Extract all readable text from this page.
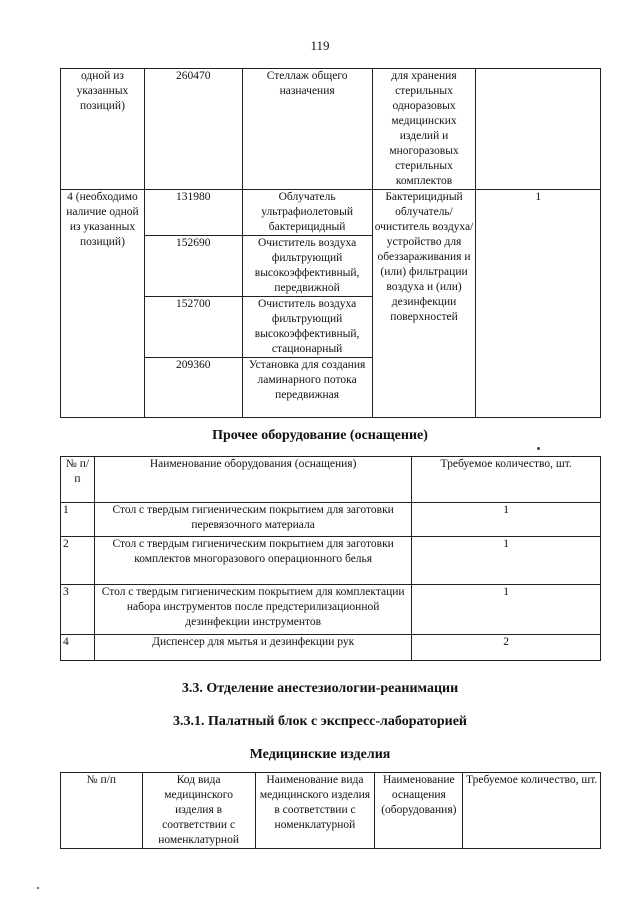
119
одной из указанных позиций)	260470	Стеллаж общего назначения	для хранения стерильных одноразовых медицинских изделий и многоразовых стерильных комплектов	
4 (необходимо наличие одной из указанных позиций)	131980	Облучатель ультрафиолетовый бактерицидный	Бактерицидный облучатель/ очиститель воздуха/ устройство для обеззараживания и (или) фильтрации воздуха и (или) дезинфекции поверхностей	1
	152690	Очиститель воздуха фильтрующий высокоэффективный, передвижной		
	152700	Очиститель воздуха фильтрующий высокоэффективный, стационарный		
	209360	Установка для создания ламинарного потока передвижная		
Прочее оборудование (оснащение)
№ п/п	Наименование оборудования (оснащения)	Требуемое количество, шт.
1	Стол с твердым гигиеническим покрытием для заготовки перевязочного материала	1
2	Стол с твердым гигиеническим покрытием для заготовки комплектов многоразового операционного белья	1
3	Стол с твердым гигиеническим покрытием для комплектации набора инструментов после предстерилизационной дезинфекции инструментов	1
4	Диспенсер для мытья и дезинфекции рук	2
3.3. Отделение анестезиологии-реанимации
3.3.1. Палатный блок с экспресс-лабораторией
Медицинские изделия
№ п/п	Код вида медицинского изделия в соответствии с номенклатурной	Наименование вида медицинского изделия в соответствии с номенклатурной	Наименование оснащения (оборудования)	Требуемое количество, шт.
